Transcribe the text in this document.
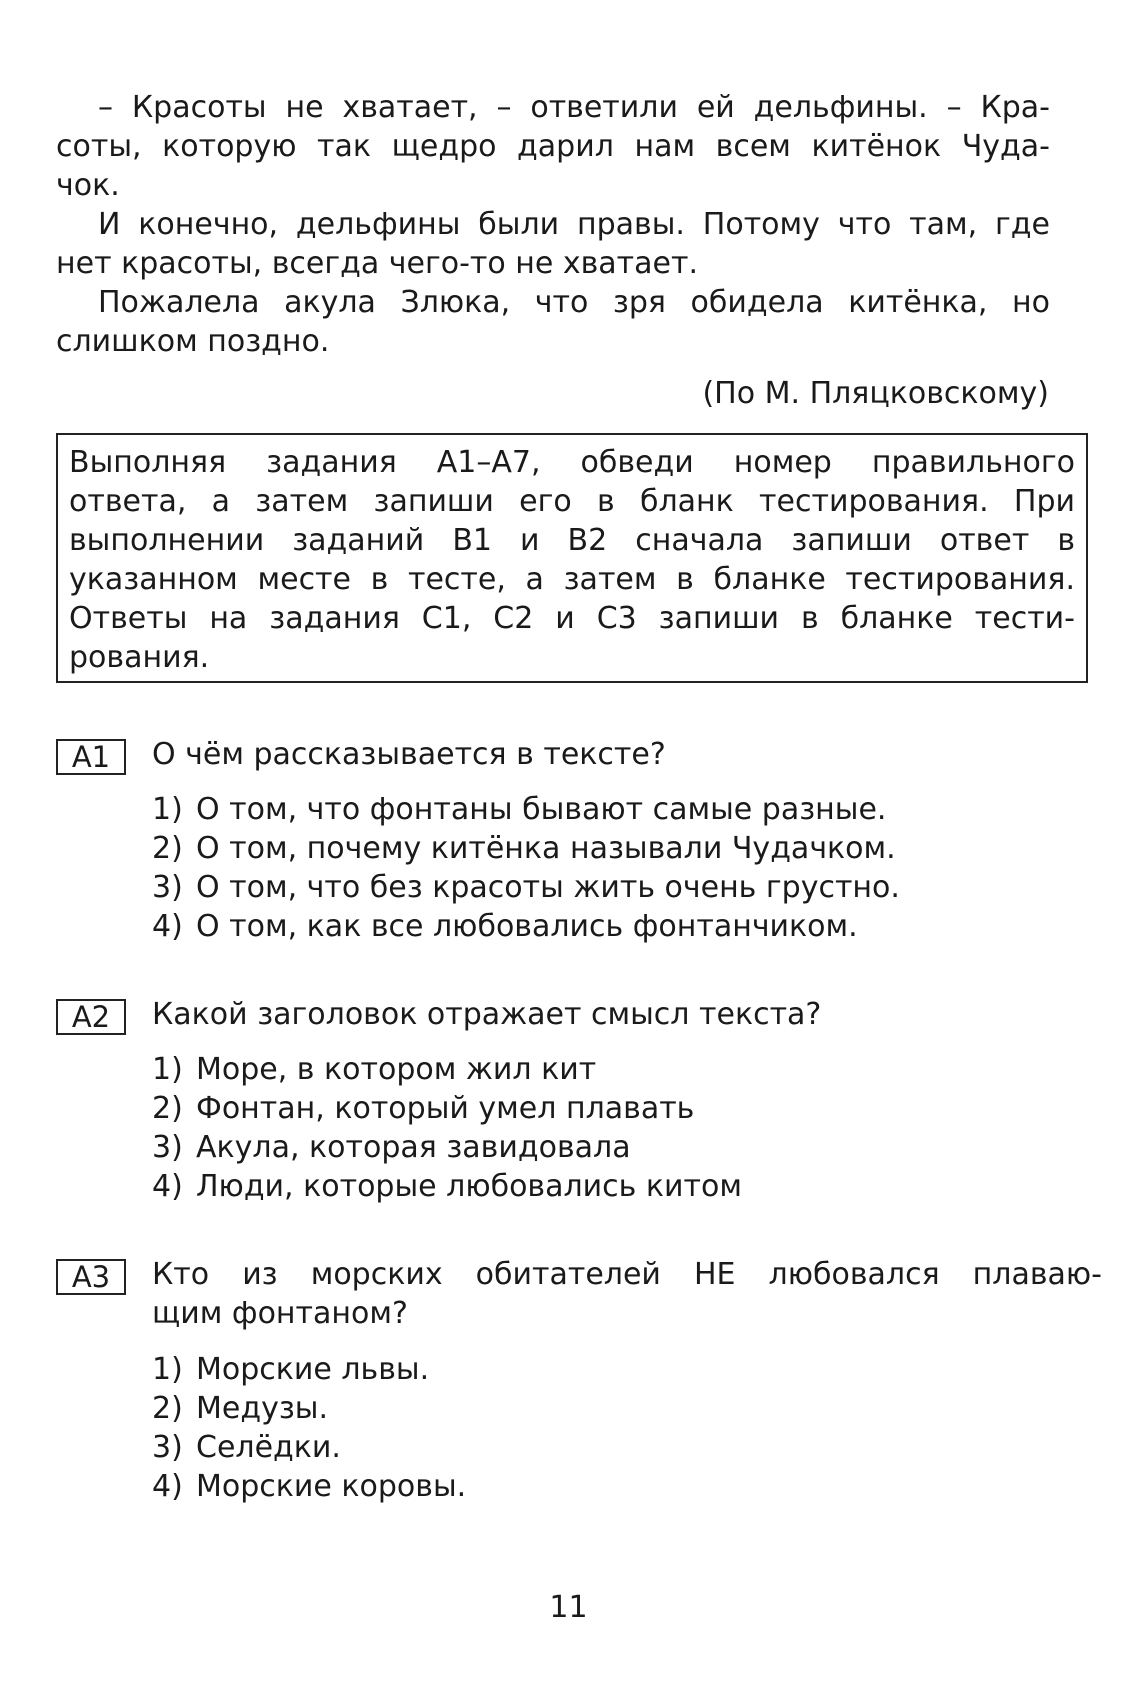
– Красоты не хватает, – ответили ей дельфины. – Кра-
соты, которую так щедро дарил нам всем китёнок Чуда-
чок.
И конечно, дельфины были правы. Потому что там, где
нет красоты, всегда чего-то не хватает.
Пожалела акула Злюка, что зря обидела китёнка, но
слишком поздно.
(По М. Пляцковскому)
Выполняя задания А1–А7, обведи номер правильного
ответа, а затем запиши его в бланк тестирования. При
выполнении заданий В1 и В2 сначала запиши ответ в
указанном месте в тесте, а затем в бланке тестирования.
Ответы на задания С1, С2 и С3 запиши в бланке тести-
рования.
А1	О чём рассказывается в тексте?
1) О том, что фонтаны бывают самые разные.
2) О том, почему китёнка называли Чудачком.
3) О том, что без красоты жить очень грустно.
4) О том, как все любовались фонтанчиком.
А2	Какой заголовок отражает смысл текста?
1) Море, в котором жил кит
2) Фонтан, который умел плавать
3) Акула, которая завидовала
4) Люди, которые любовались китом
А3	Кто из морских обитателей НЕ любовался плаваю-
щим фонтаном?
1) Морские львы.
2) Медузы.
3) Селёдки.
4) Морские коровы.
11
